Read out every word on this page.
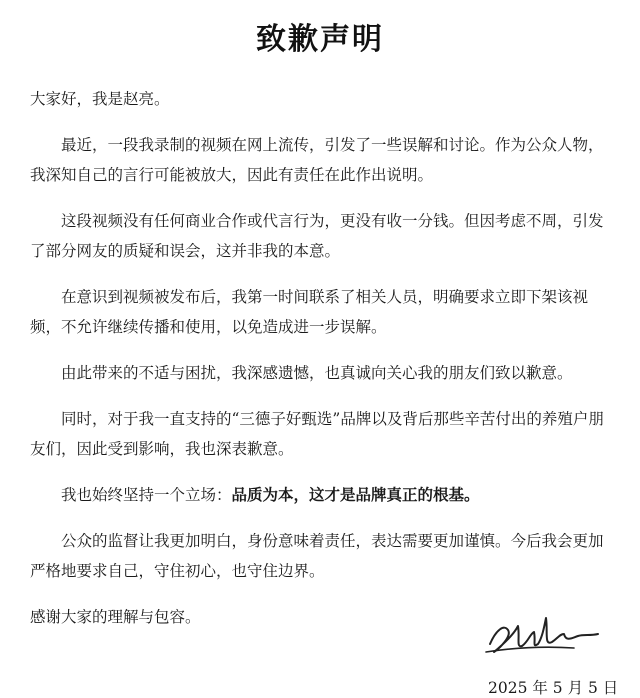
致歉声明

大家好，我是赵亮。

最近，一段我录制的视频在网上流传，引发了一些误解和讨论。作为公众人物，我深知自己的言行可能被放大，因此有责任在此作出说明。

这段视频没有任何商业合作或代言行为，更没有收一分钱。但因考虑不周，引发了部分网友的质疑和误会，这并非我的本意。

在意识到视频被发布后，我第一时间联系了相关人员，明确要求立即下架该视频，不允许继续传播和使用，以免造成进一步误解。

由此带来的不适与困扰，我深感遗憾，也真诚向关心我的朋友们致以歉意。

同时，对于我一直支持的“三德子好甄选”品牌以及背后那些辛苦付出的养殖户朋友们，因此受到影响，我也深表歉意。

我也始终坚持一个立场：品质为本，这才是品牌真正的根基。

公众的监督让我更加明白，身份意味着责任，表达需要更加谨慎。今后我会更加严格地要求自己，守住初心，也守住边界。

感谢大家的理解与包容。

2025 年 5 月 5 日
